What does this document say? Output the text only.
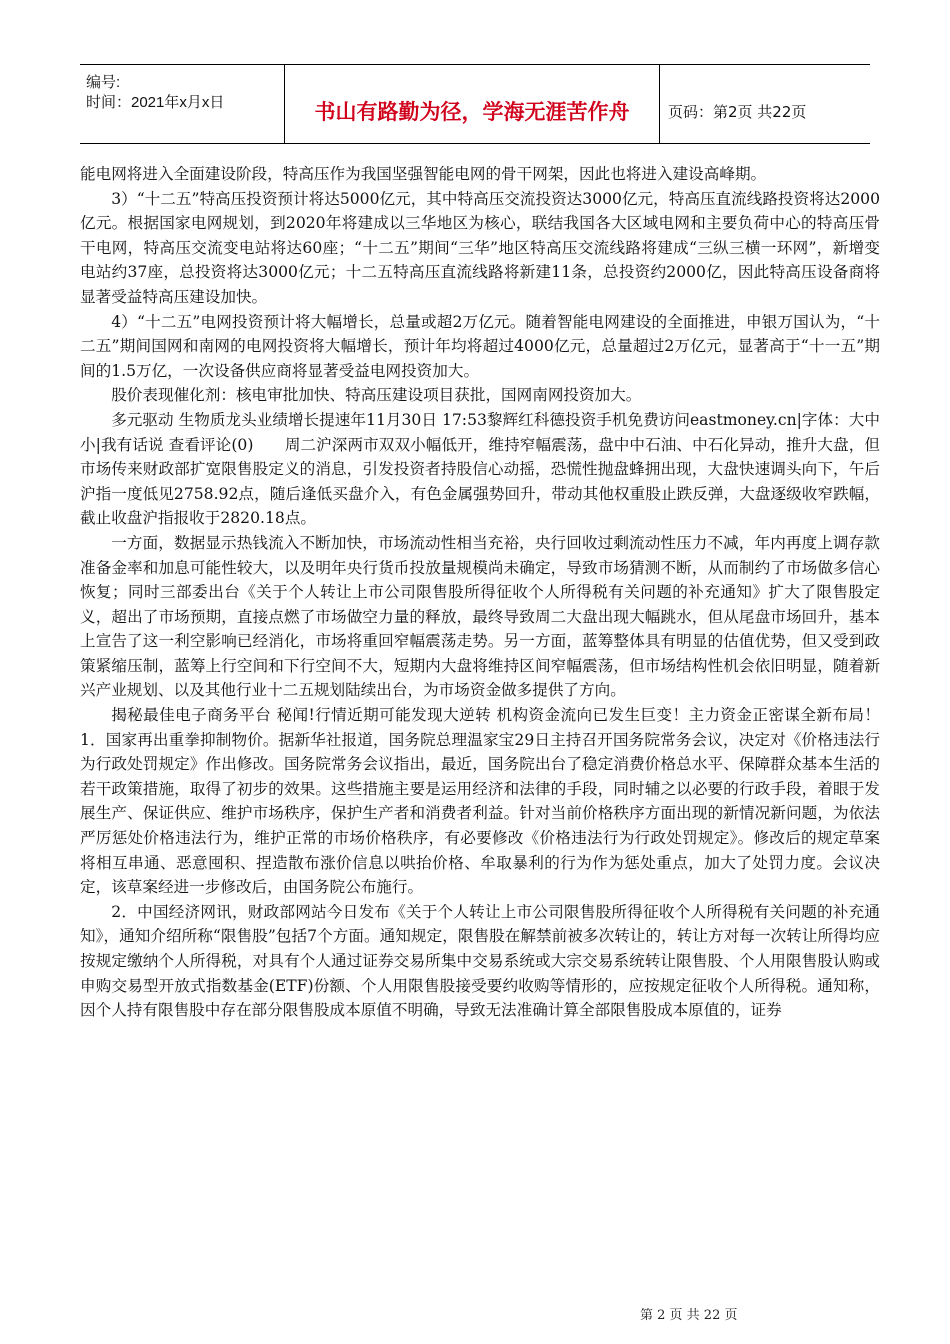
编号:
时间：2021年x月x日	书山有路勤为径，学海无涯苦作舟	页码：第2页 共22页

能电网将进入全面建设阶段，特高压作为我国坚强智能电网的骨干网架，因此也将进入建设高峰期。

3）“十二五”特高压投资预计将达5000亿元，其中特高压交流投资达3000亿元，特高压直流线路投资将达2000亿元。根据国家电网规划，到2020年将建成以三华地区为核心，联结我国各大区域电网和主要负荷中心的特高压骨干电网，特高压交流变电站将达60座；“十二五”期间“三华”地区特高压交流线路将建成“三纵三横一环网”，新增变电站约37座，总投资将达3000亿元；十二五特高压直流线路将新建11条，总投资约2000亿，因此特高压设备商将显著受益特高压建设加快。

4）“十二五”电网投资预计将大幅增长，总量或超2万亿元。随着智能电网建设的全面推进，申银万国认为，“十二五”期间国网和南网的电网投资将大幅增长，预计年均将超过4000亿元，总量超过2万亿元，显著高于“十一五”期间的1.5万亿，一次设备供应商将显著受益电网投资加大。

股价表现催化剂：核电审批加快、特高压建设项目获批，国网南网投资加大。

多元驱动 生物质龙头业绩增长提速年11月30日 17:53黎辉红科德投资手机免费访问eastmoney.cn|字体：大中小|我有话说 查看评论(0)　　周二沪深两市双双小幅低开，维持窄幅震荡，盘中中石油、中石化异动，推升大盘，但市场传来财政部扩宽限售股定义的消息，引发投资者持股信心动摇，恐慌性抛盘蜂拥出现，大盘快速调头向下，午后沪指一度低见2758.92点，随后逢低买盘介入，有色金属强势回升，带动其他权重股止跌反弹，大盘逐级收窄跌幅，截止收盘沪指报收于2820.18点。

一方面，数据显示热钱流入不断加快，市场流动性相当充裕，央行回收过剩流动性压力不减，年内再度上调存款准备金率和加息可能性较大，以及明年央行货币投放量规模尚未确定，导致市场猜测不断，从而制约了市场做多信心恢复；同时三部委出台《关于个人转让上市公司限售股所得征收个人所得税有关问题的补充通知》扩大了限售股定义，超出了市场预期，直接点燃了市场做空力量的释放，最终导致周二大盘出现大幅跳水，但从尾盘市场回升，基本上宣告了这一利空影响已经消化，市场将重回窄幅震荡走势。另一方面，蓝筹整体具有明显的估值优势，但又受到政策紧缩压制，蓝筹上行空间和下行空间不大，短期内大盘将维持区间窄幅震荡，但市场结构性机会依旧明显，随着新兴产业规划、以及其他行业十二五规划陆续出台，为市场资金做多提供了方向。

揭秘最佳电子商务平台 秘闻!行情近期可能发现大逆转 机构资金流向已发生巨变！主力资金正密谋全新布局！　　1．国家再出重拳抑制物价。据新华社报道，国务院总理温家宝29日主持召开国务院常务会议，决定对《价格违法行为行政处罚规定》作出修改。国务院常务会议指出，最近，国务院出台了稳定消费价格总水平、保障群众基本生活的若干政策措施，取得了初步的效果。这些措施主要是运用经济和法律的手段，同时辅之以必要的行政手段，着眼于发展生产、保证供应、维护市场秩序，保护生产者和消费者利益。针对当前价格秩序方面出现的新情况新问题，为依法严厉惩处价格违法行为，维护正常的市场价格秩序，有必要修改《价格违法行为行政处罚规定》。修改后的规定草案将相互串通、恶意囤积、捏造散布涨价信息以哄抬价格、牟取暴利的行为作为惩处重点，加大了处罚力度。会议决定，该草案经进一步修改后，由国务院公布施行。

2．中国经济网讯，财政部网站今日发布《关于个人转让上市公司限售股所得征收个人所得税有关问题的补充通知》，通知介绍所称“限售股”包括7个方面。通知规定，限售股在解禁前被多次转让的，转让方对每一次转让所得均应按规定缴纳个人所得税，对具有个人通过证券交易所集中交易系统或大宗交易系统转让限售股、个人用限售股认购或申购交易型开放式指数基金(ETF)份额、个人用限售股接受要约收购等情形的，应按规定征收个人所得税。通知称，因个人持有限售股中存在部分限售股成本原值不明确，导致无法准确计算全部限售股成本原值的，证券

第 2 页 共 22 页
